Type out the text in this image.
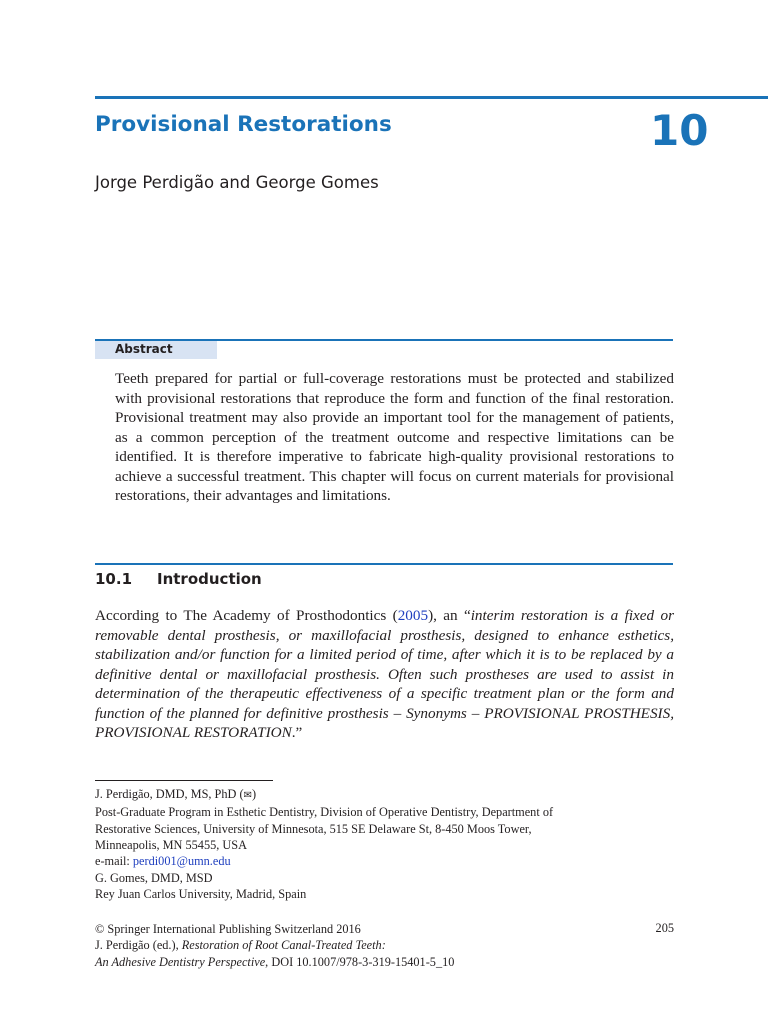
Provisional Restorations	10
Jorge Perdigão and George Gomes
Abstract
Teeth prepared for partial or full-coverage restorations must be protected and stabilized with provisional restorations that reproduce the form and function of the final restoration. Provisional treatment may also provide an important tool for the management of patients, as a common perception of the treatment outcome and respective limitations can be identified. It is therefore imperative to fabricate high-quality provisional restorations to achieve a successful treatment. This chapter will focus on current materials for provisional restorations, their advantages and limitations.
10.1 Introduction
According to The Academy of Prosthodontics (2005), an “interim restoration is a fixed or removable dental prosthesis, or maxillofacial prosthesis, designed to enhance esthetics, stabilization and/or function for a limited period of time, after which it is to be replaced by a definitive dental or maxillofacial prosthesis. Often such prostheses are used to assist in determination of the therapeutic effectiveness of a specific treatment plan or the form and function of the planned for definitive prosthesis – Synonyms – PROVISIONAL PROSTHESIS, PROVISIONAL RESTORATION.”
J. Perdigão, DMD, MS, PhD (✉)
Post-Graduate Program in Esthetic Dentistry, Division of Operative Dentistry, Department of
Restorative Sciences, University of Minnesota, 515 SE Delaware St, 8-450 Moos Tower,
Minneapolis, MN 55455, USA
e-mail: perdi001@umn.edu
G. Gomes, DMD, MSD
Rey Juan Carlos University, Madrid, Spain
© Springer International Publishing Switzerland 2016
J. Perdigão (ed.), Restoration of Root Canal-Treated Teeth:
An Adhesive Dentistry Perspective, DOI 10.1007/978-3-319-15401-5_10
205
